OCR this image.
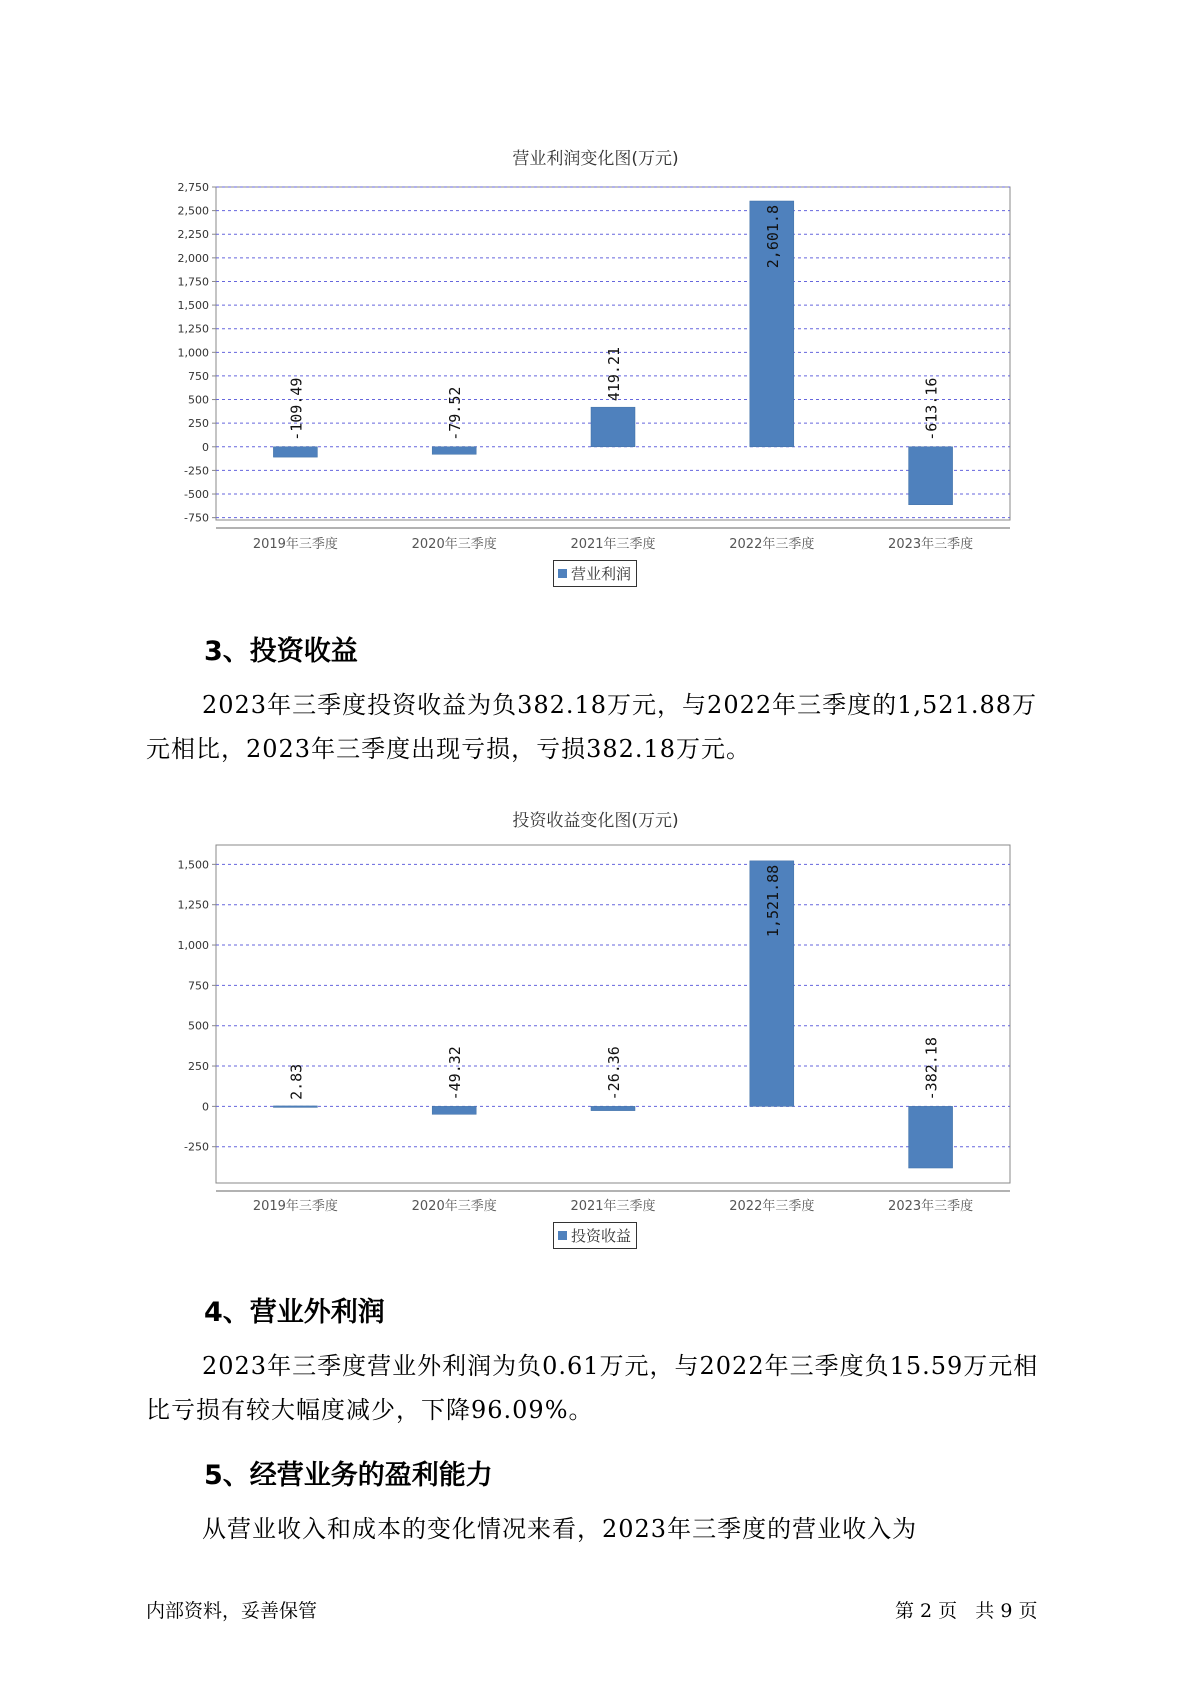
营业利润变化图(万元)
2,750
2,500
2,250
2,000
1,750
1,500
1,250
1,000
750
500
250
0
-250
-500
-750
-109.49
2019年三季度
-79.52
2020年三季度
419.21
2021年三季度
2,601.8
2022年三季度
-613.16
2023年三季度
营业利润
3、投资收益
2023年三季度投资收益为负382.18万元，与2022年三季度的1,521.88万元相比，2023年三季度出现亏损，亏损382.18万元。
投资收益变化图(万元)
1,500
1,250
1,000
750
500
250
0
-250
2.83
2019年三季度
-49.32
2020年三季度
-26.36
2021年三季度
1,521.88
2022年三季度
-382.18
2023年三季度
投资收益
4、营业外利润
2023年三季度营业外利润为负0.61万元，与2022年三季度负15.59万元相比亏损有较大幅度减少，下降96.09%。
5、经营业务的盈利能力
从营业收入和成本的变化情况来看，2023年三季度的营业收入为
内部资料，妥善保管	第 2 页   共 9 页
